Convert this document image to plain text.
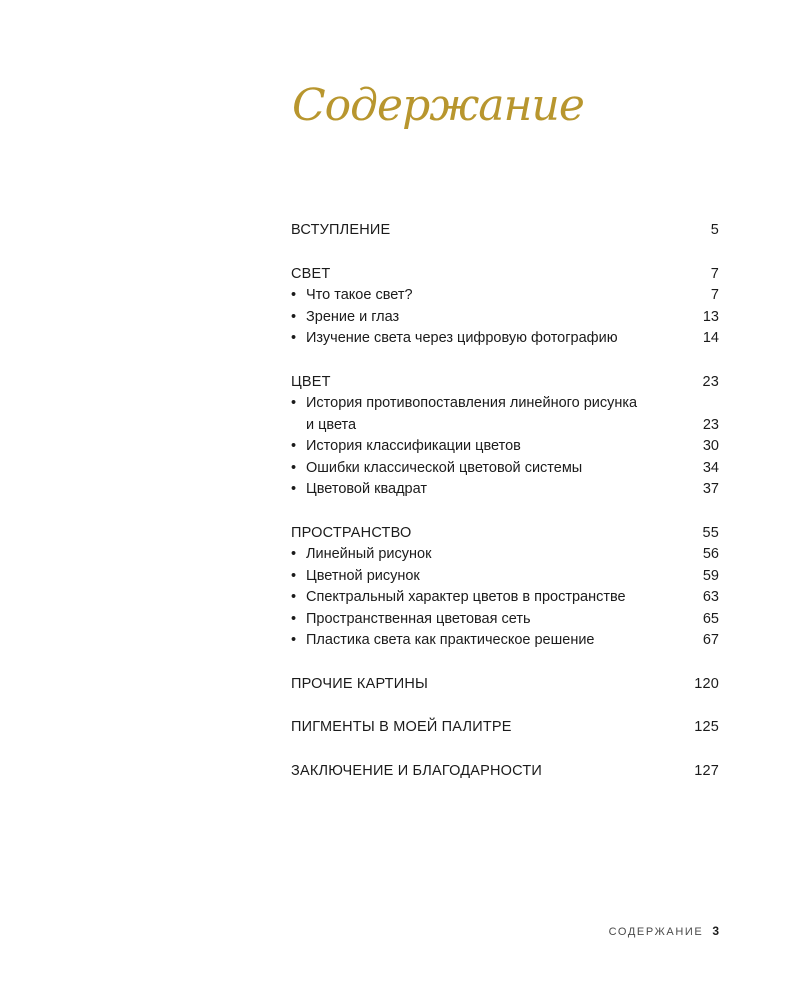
Содержание
ВСТУПЛЕНИЕ	5
СВЕТ	7
• Что такое свет?	7
• Зрение и глаз	13
• Изучение света через цифровую фотографию	14
ЦВЕТ	23
• История противопоставления линейного рисунка
и цвета	23
• История классификации цветов	30
• Ошибки классической цветовой системы	34
• Цветовой квадрат	37
ПРОСТРАНСТВО	55
• Линейный рисунок	56
• Цветной рисунок	59
• Спектральный характер цветов в пространстве	63
• Пространственная цветовая сеть	65
• Пластика света как практическое решение	67
ПРОЧИЕ КАРТИНЫ	120
ПИГМЕНТЫ В МОЕЙ ПАЛИТРЕ	125
ЗАКЛЮЧЕНИЕ И БЛАГОДАРНОСТИ	127
СОДЕРЖАНИЕ 3
